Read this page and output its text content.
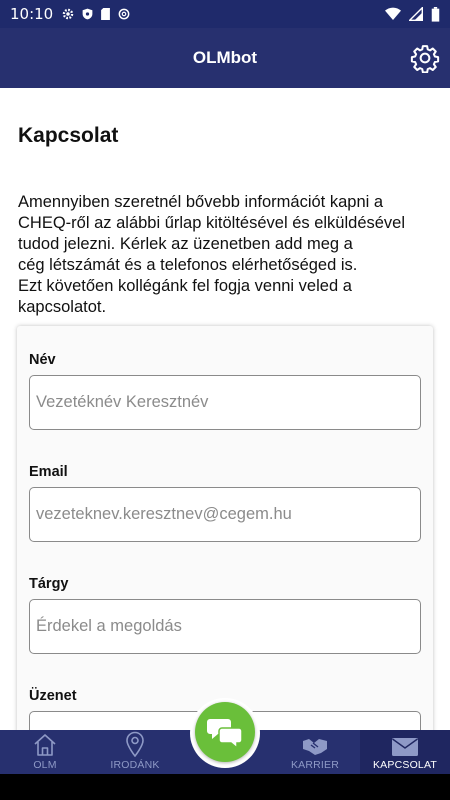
10:10
OLMbot
Kapcsolat
Amennyiben szeretnél bővebb információt kapni a
CHEQ-ről az alábbi űrlap kitöltésével és elküldésével
tudod jelezni. Kérlek az üzenetben add meg a
cég létszámát és a telefonos elérhetőséged is.
Ezt követően kollégánk fel fogja venni veled a
kapcsolatot.
Név
Vezetéknév Keresztnév
Email
vezeteknev.keresztnev@cegem.hu
Tárgy
Érdekel a megoldás
Üzenet
OLM	IRODÁNK	KARRIER	KAPCSOLAT
